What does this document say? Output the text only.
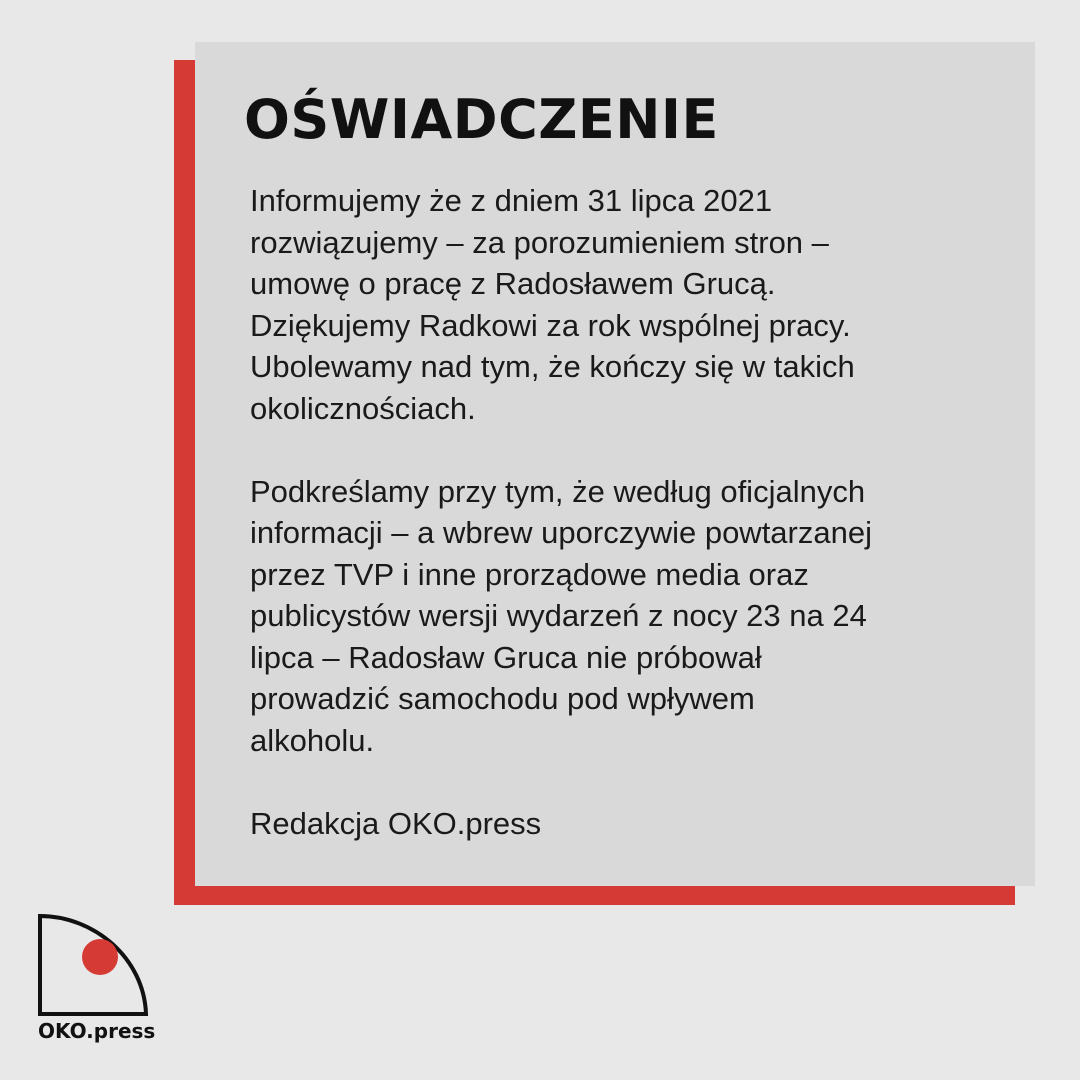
OŚWIADCZENIE

Informujemy że z dniem 31 lipca 2021
rozwiązujemy – za porozumieniem stron –
umowę o pracę z Radosławem Grucą.
Dziękujemy Radkowi za rok wspólnej pracy.
Ubolewamy nad tym, że kończy się w takich
okolicznościach.

Podkreślamy przy tym, że według oficjalnych
informacji – a wbrew uporczywie powtarzanej
przez TVP i inne prorządowe media oraz
publicystów wersji wydarzeń z nocy 23 na 24
lipca – Radosław Gruca nie próbował
prowadzić samochodu pod wpływem
alkoholu.

Redakcja OKO.press

OKO.press
